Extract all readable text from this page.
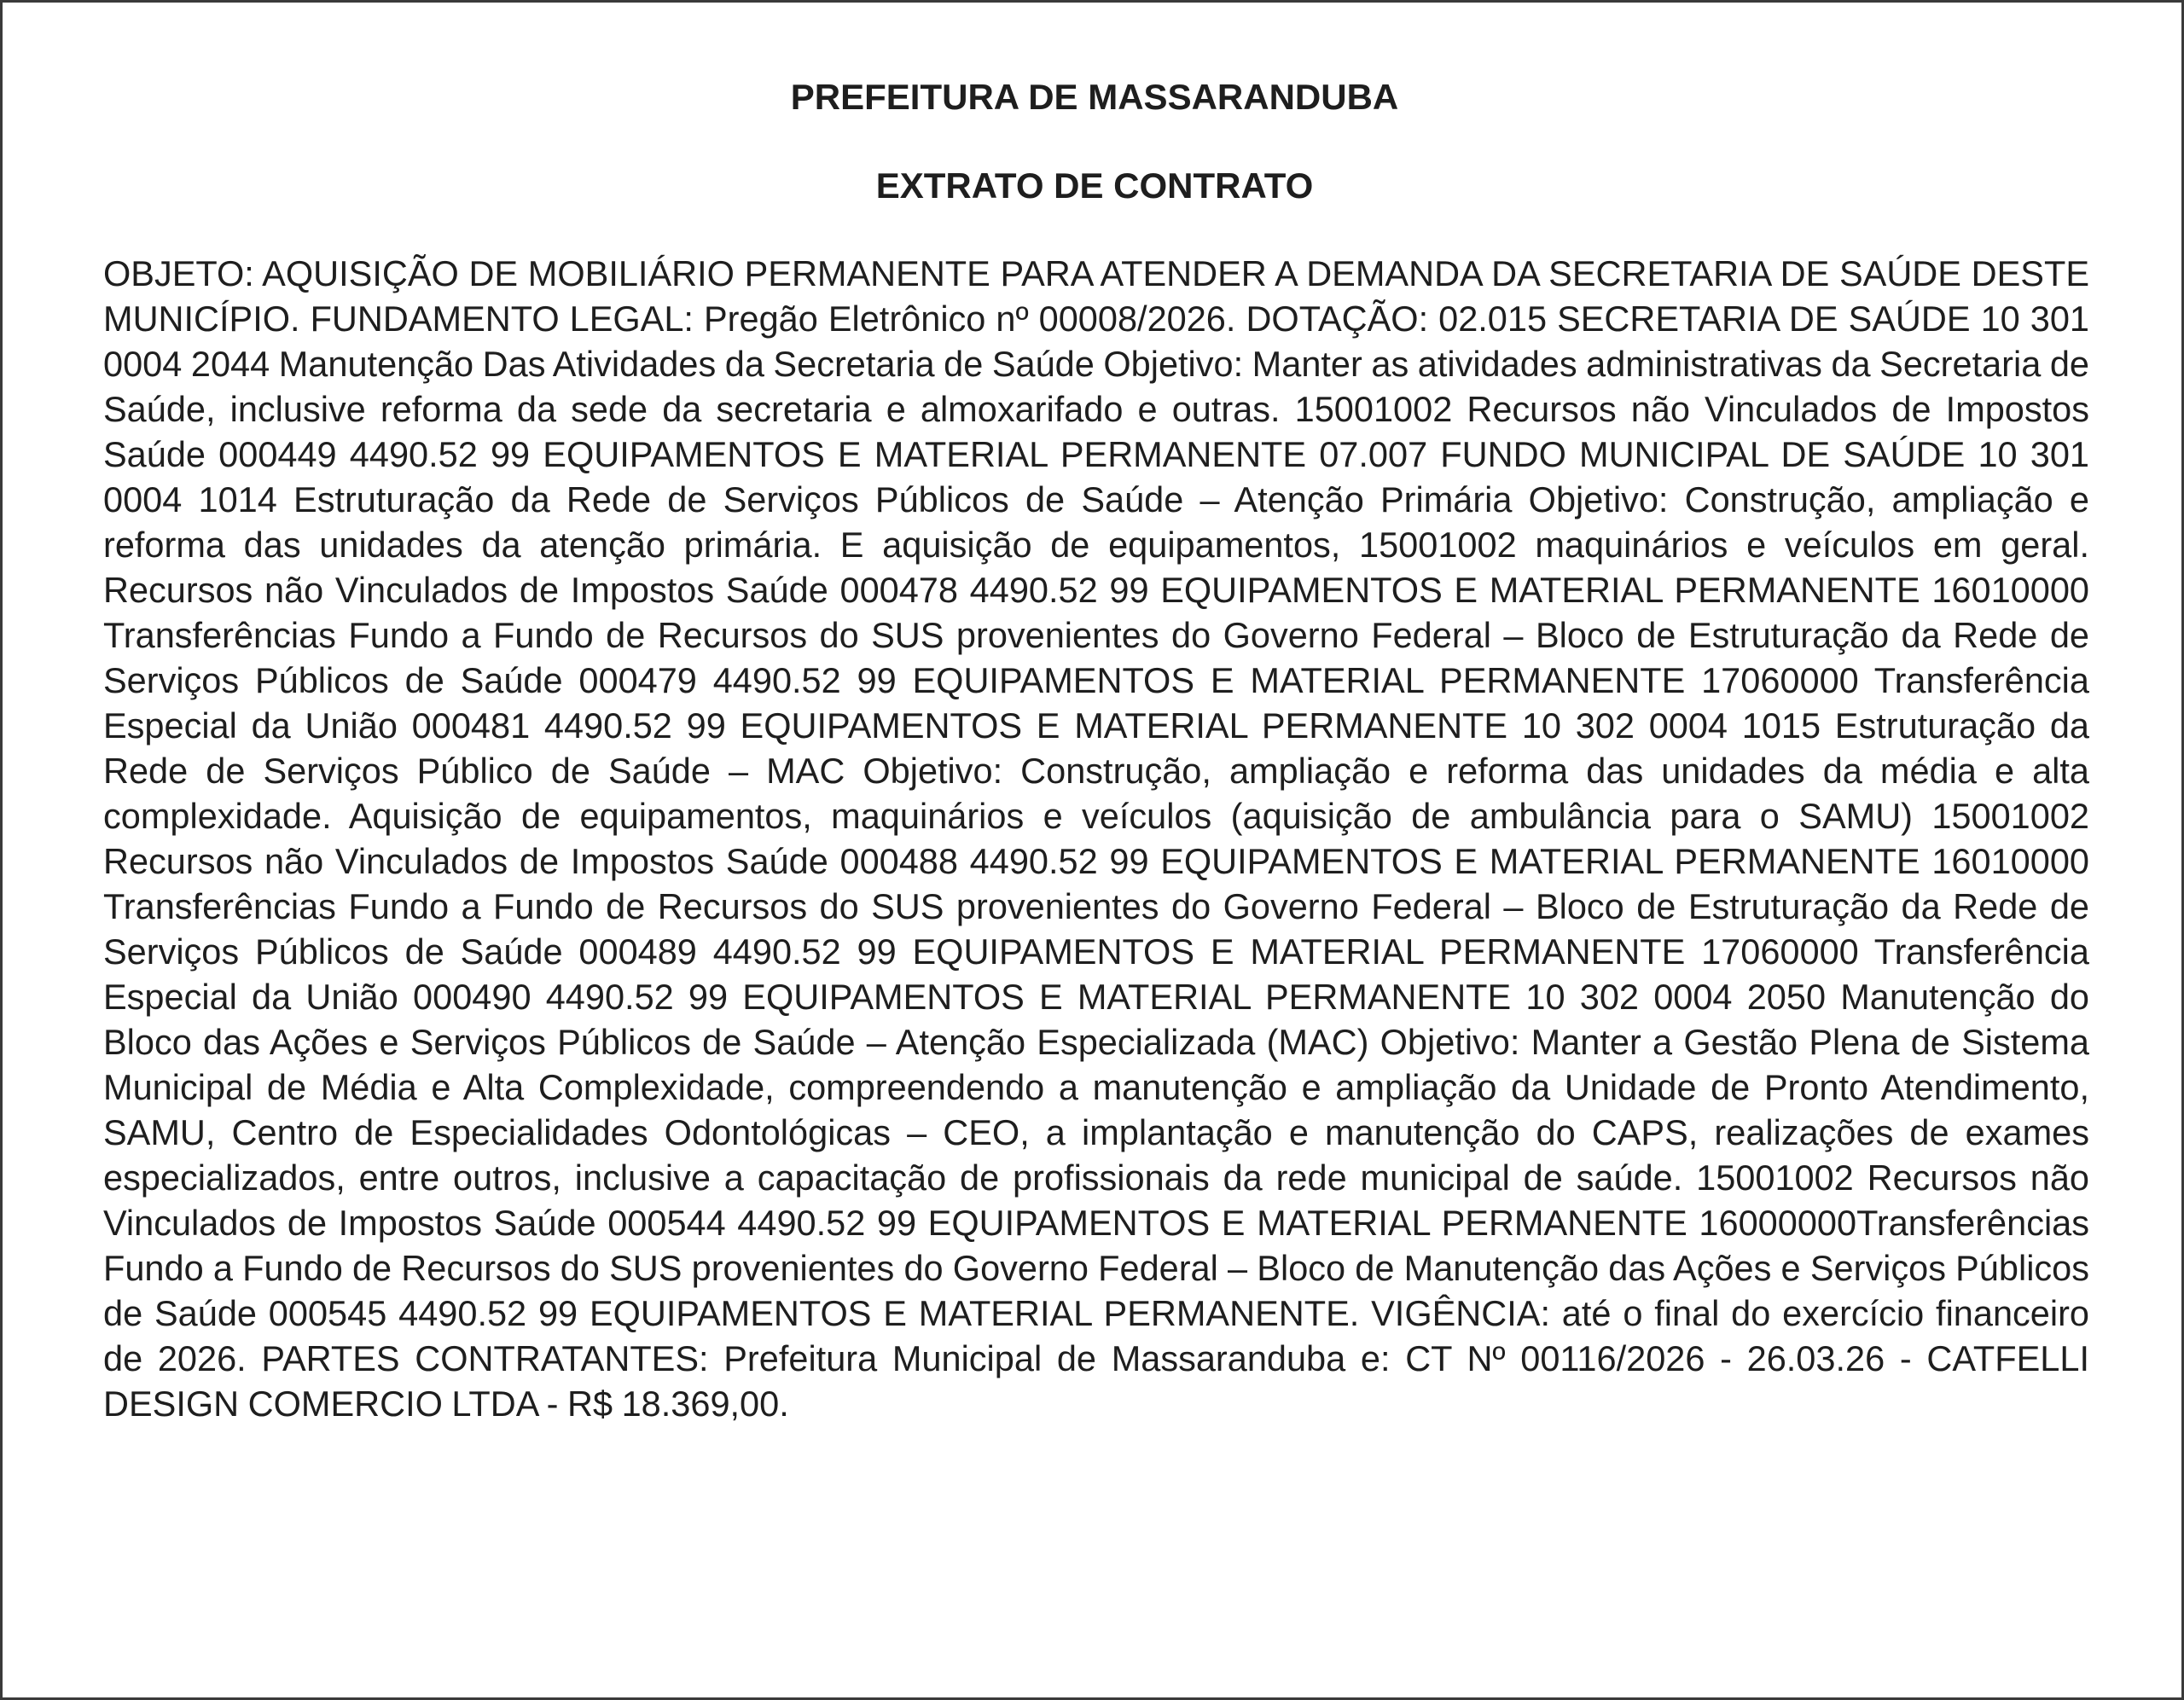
PREFEITURA DE MASSARANDUBA
EXTRATO DE CONTRATO

OBJETO: AQUISIÇÃO DE MOBILIÁRIO PERMANENTE PARA ATENDER A DEMANDA DA SECRETARIA DE SAÚDE DESTE MUNICÍPIO. FUNDAMENTO LEGAL: Pregão Eletrônico nº 00008/2026. DOTAÇÃO: 02.015 SECRETARIA DE SAÚDE 10 301 0004 2044 Manutenção Das Atividades da Secretaria de Saúde Objetivo: Manter as atividades administrativas da Secretaria de Saúde, inclusive reforma da sede da secretaria e almoxarifado e outras. 15001002 Recursos não Vinculados de Impostos Saúde 000449 4490.52 99 EQUIPAMENTOS E MATERIAL PERMANENTE 07.007 FUNDO MUNICIPAL DE SAÚDE 10 301 0004 1014 Estruturação da Rede de Serviços Públicos de Saúde – Atenção Primária Objetivo: Construção, ampliação e reforma das unidades da atenção primária. E aquisição de equipamentos, 15001002 maquinários e veículos em geral. Recursos não Vinculados de Impostos Saúde 000478 4490.52 99 EQUIPAMENTOS E MATERIAL PERMANENTE 16010000 Transferências Fundo a Fundo de Recursos do SUS provenientes do Governo Federal – Bloco de Estruturação da Rede de Serviços Públicos de Saúde 000479 4490.52 99 EQUIPAMENTOS E MATERIAL PERMANENTE 17060000 Transferência Especial da União 000481 4490.52 99 EQUIPAMENTOS E MATERIAL PERMANENTE 10 302 0004 1015 Estruturação da Rede de Serviços Público de Saúde – MAC Objetivo: Construção, ampliação e reforma das unidades da média e alta complexidade. Aquisição de equipamentos, maquinários e veículos (aquisição de ambulância para o SAMU) 15001002 Recursos não Vinculados de Impostos Saúde 000488 4490.52 99 EQUIPAMENTOS E MATERIAL PERMANENTE 16010000 Transferências Fundo a Fundo de Recursos do SUS provenientes do Governo Federal – Bloco de Estruturação da Rede de Serviços Públicos de Saúde 000489 4490.52 99 EQUIPAMENTOS E MATERIAL PERMANENTE 17060000 Transferência Especial da União 000490 4490.52 99 EQUIPAMENTOS E MATERIAL PERMANENTE 10 302 0004 2050 Manutenção do Bloco das Ações e Serviços Públicos de Saúde – Atenção Especializada (MAC) Objetivo: Manter a Gestão Plena de Sistema Municipal de Média e Alta Complexidade, compreendendo a manutenção e ampliação da Unidade de Pronto Atendimento, SAMU, Centro de Especialidades Odontológicas – CEO, a implantação e manutenção do CAPS, realizações de exames especializados, entre outros, inclusive a capacitação de profissionais da rede municipal de saúde. 15001002 Recursos não Vinculados de Impostos Saúde 000544 4490.52 99 EQUIPAMENTOS E MATERIAL PERMANENTE 16000000Transferências Fundo a Fundo de Recursos do SUS provenientes do Governo Federal – Bloco de Manutenção das Ações e Serviços Públicos de Saúde 000545 4490.52 99 EQUIPAMENTOS E MATERIAL PERMANENTE. VIGÊNCIA: até o final do exercício financeiro de 2026. PARTES CONTRATANTES: Prefeitura Municipal de Massaranduba e: CT Nº 00116/2026 - 26.03.26 - CATFELLI DESIGN COMERCIO LTDA - R$ 18.369,00.
